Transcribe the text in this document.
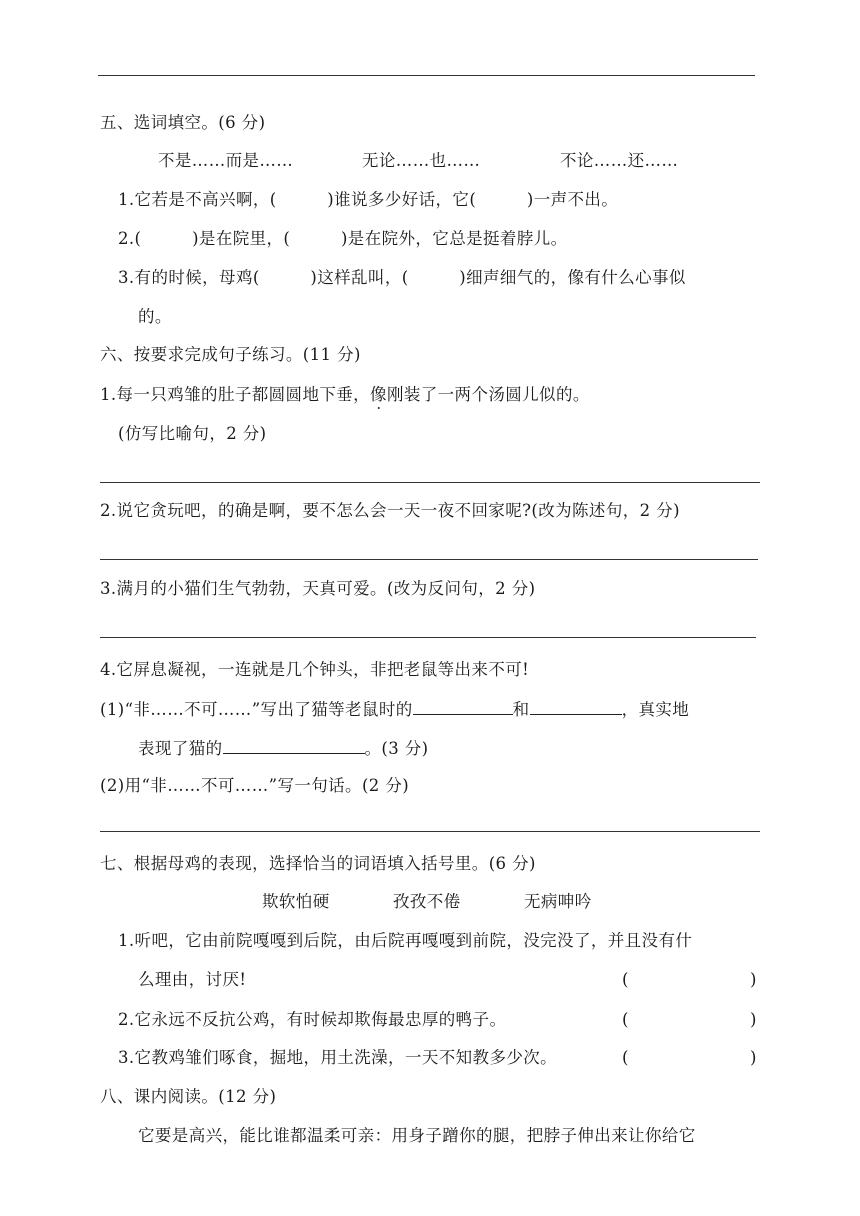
五、选词填空。(6 分)
不是……而是……	无论……也……	不论……还……
1.它若是不高兴啊，(　　　)谁说多少好话，它(　　　)一声不出。
2.(　　　)是在院里，(　　　)是在院外，它总是挺着脖儿。
3.有的时候，母鸡(　　　)这样乱叫，(　　　)细声细气的，像有什么心事似
的。
六、按要求完成句子练习。(11 分)
1.每一只鸡雏的肚子都圆圆地下垂，像刚装了一两个汤圆儿似的。
(仿写比喻句，2 分)
2.说它贪玩吧，的确是啊，要不怎么会一天一夜不回家呢?(改为陈述句，2 分)
3.满月的小猫们生气勃勃，天真可爱。(改为反问句，2 分)
4.它屏息凝视，一连就是几个钟头，非把老鼠等出来不可!
(1)“非……不可……”写出了猫等老鼠时的	和	，真实地
表现了猫的	。(3 分)
(2)用“非……不可……”写一句话。(2 分)
七、根据母鸡的表现，选择恰当的词语填入括号里。(6 分)
欺软怕硬	孜孜不倦	无病呻吟
1.听吧，它由前院嘎嘎到后院，由后院再嘎嘎到前院，没完没了，并且没有什
么理由，讨厌!	(	)
2.它永远不反抗公鸡，有时候却欺侮最忠厚的鸭子。	(	)
3.它教鸡雏们啄食，掘地，用土洗澡，一天不知教多少次。	(	)
八、课内阅读。(12 分)
它要是高兴，能比谁都温柔可亲：用身子蹭你的腿，把脖子伸出来让你给它
